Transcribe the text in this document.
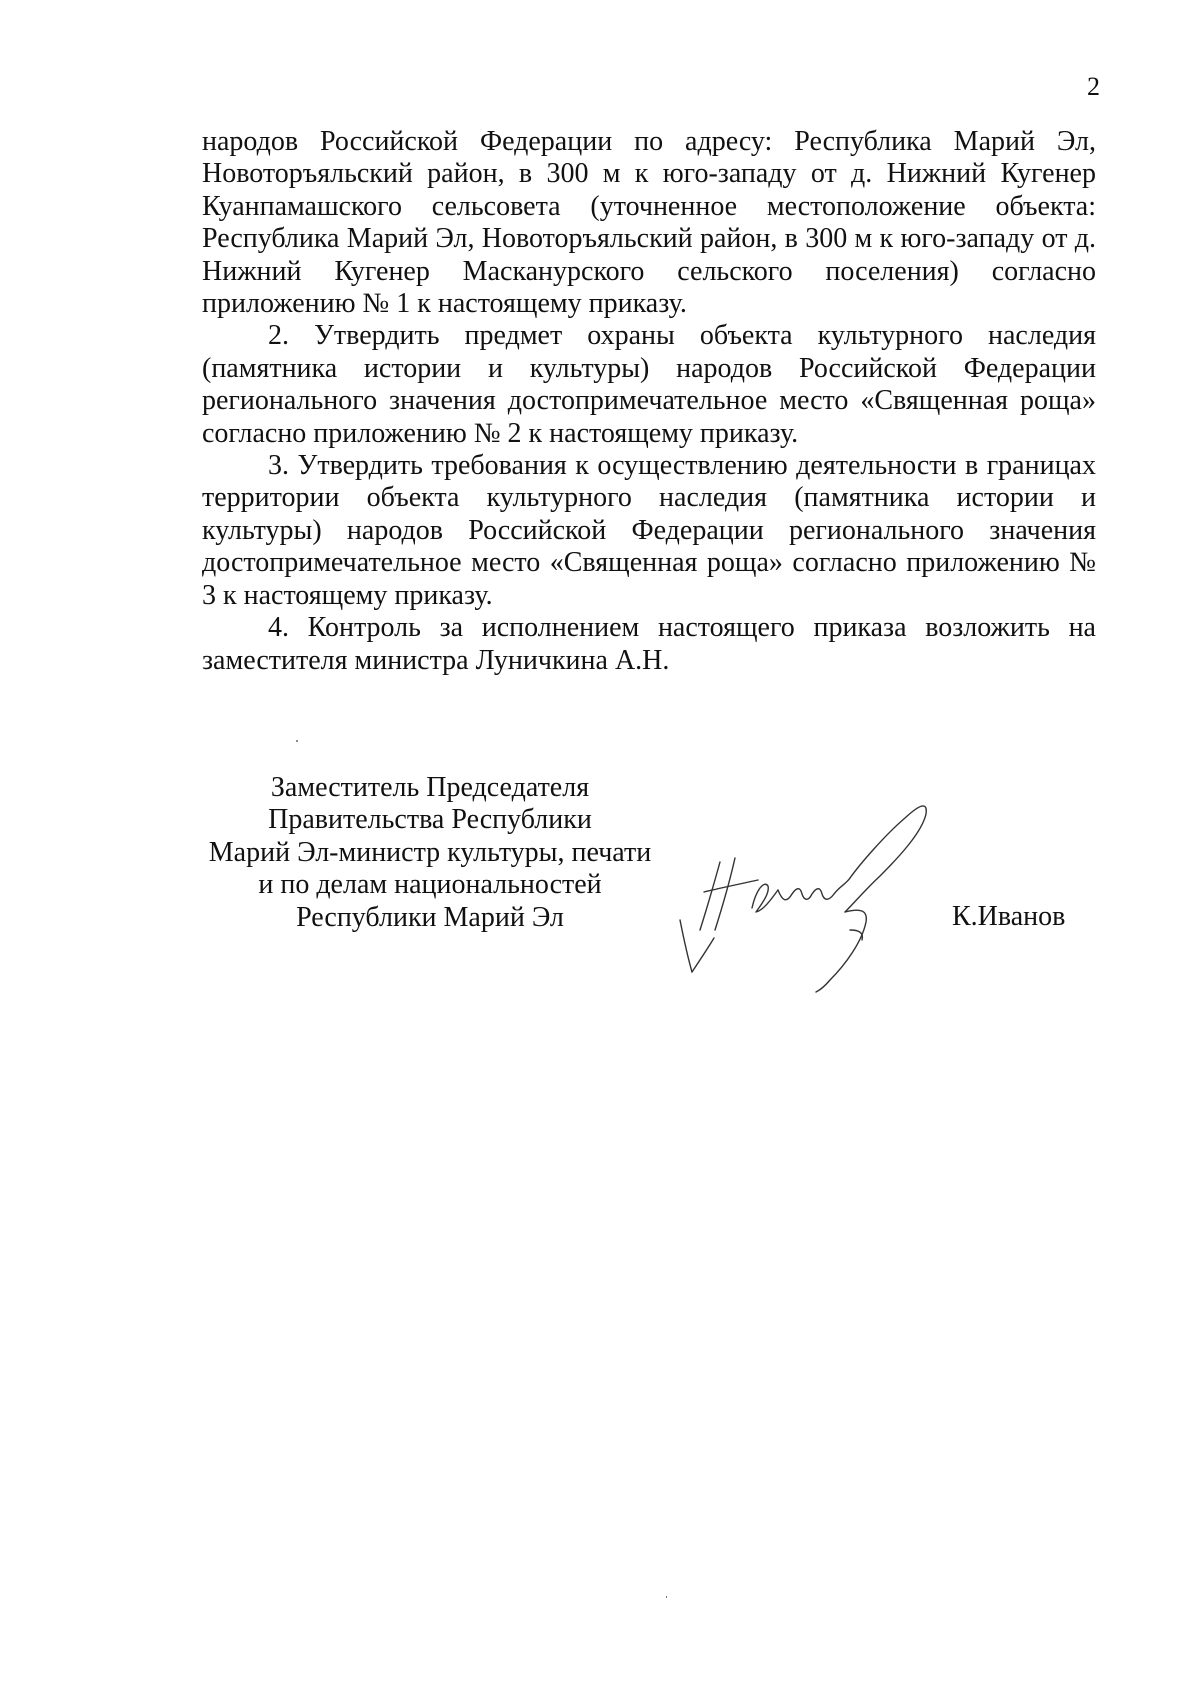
2

народов Российской Федерации по адресу: Республика Марий Эл, Новоторъяльский район, в 300 м к юго-западу от д. Нижний Кугенер Куанпамашского сельсовета (уточненное местоположение объекта: Республика Марий Эл, Новоторъяльский район, в 300 м к юго-западу от д. Нижний Кугенер Масканурского сельского поселения) согласно приложению № 1 к настоящему приказу.

2. Утвердить предмет охраны объекта культурного наследия (памятника истории и культуры) народов Российской Федерации регионального значения достопримечательное место «Священная роща» согласно приложению № 2 к настоящему приказу.

3. Утвердить требования к осуществлению деятельности в границах территории объекта культурного наследия (памятника истории и культуры) народов Российской Федерации регионального значения достопримечательное место «Священная роща» согласно приложению № 3 к настоящему приказу.

4. Контроль за исполнением настоящего приказа возложить на заместителя министра Луничкина А.Н.

Заместитель Председателя
Правительства Республики
Марий Эл-министр культуры, печати
и по делам национальностей
Республики Марий Эл	К.Иванов
